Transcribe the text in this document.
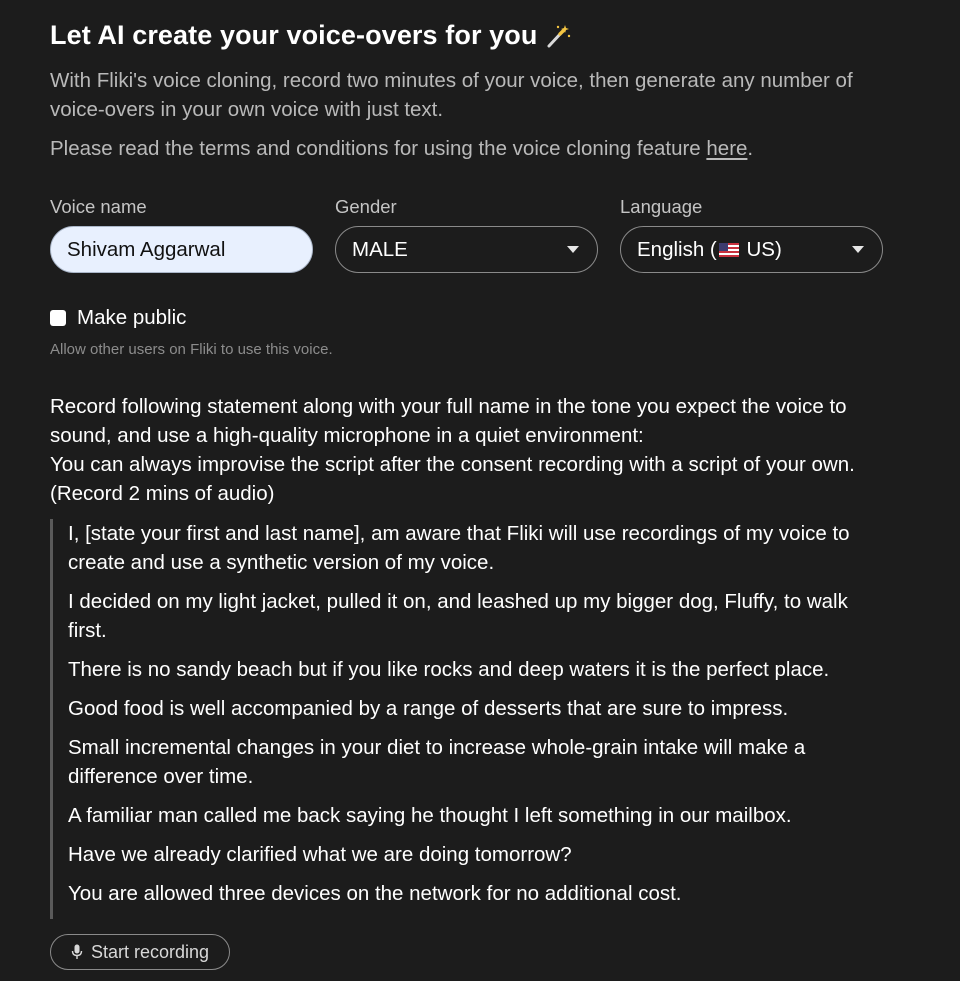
Let AI create your voice-overs for you
With Fliki's voice cloning, record two minutes of your voice, then generate any number of voice-overs in your own voice with just text.
Please read the terms and conditions for using the voice cloning feature here.
Voice name
Shivam Aggarwal
Gender
MALE
Language
English ( US)
Make public
Allow other users on Fliki to use this voice.
Record following statement along with your full name in the tone you expect the voice to sound, and use a high-quality microphone in a quiet environment:
You can always improvise the script after the consent recording with a script of your own. (Record 2 mins of audio)

I, [state your first and last name], am aware that Fliki will use recordings of my voice to create and use a synthetic version of my voice.

I decided on my light jacket, pulled it on, and leashed up my bigger dog, Fluffy, to walk first.

There is no sandy beach but if you like rocks and deep waters it is the perfect place.

Good food is well accompanied by a range of desserts that are sure to impress.

Small incremental changes in your diet to increase whole-grain intake will make a difference over time.

A familiar man called me back saying he thought I left something in our mailbox.

Have we already clarified what we are doing tomorrow?

You are allowed three devices on the network for no additional cost.

Start recording
